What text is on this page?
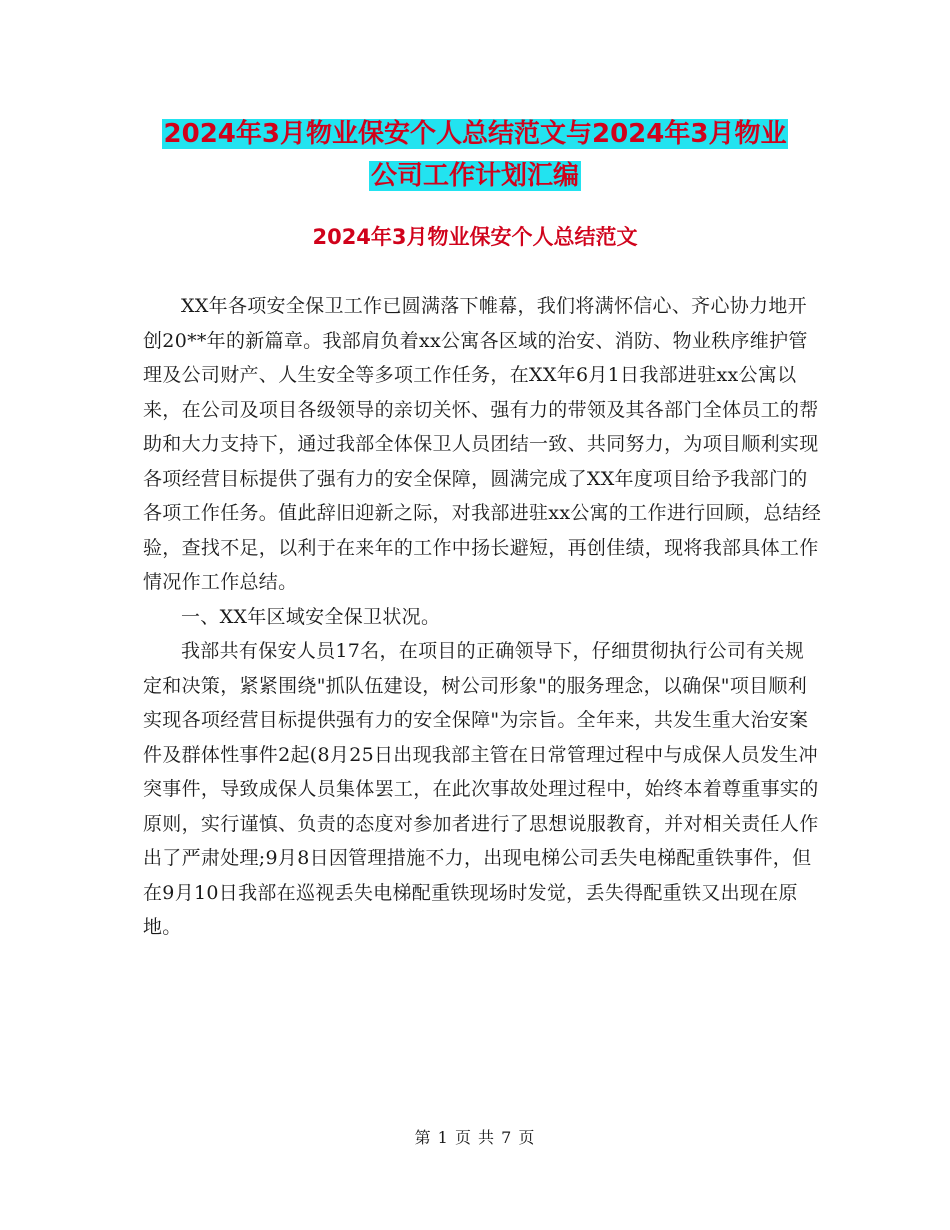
2024年3月物业保安个人总结范文与2024年3月物业
公司工作计划汇编
2024年3月物业保安个人总结范文

XX年各项安全保卫工作已圆满落下帷幕，我们将满怀信心、齐心协力地开创20**年的新篇章。我部肩负着xx公寓各区域的治安、消防、物业秩序维护管理及公司财产、人生安全等多项工作任务，在XX年6月1日我部进驻xx公寓以来，在公司及项目各级领导的亲切关怀、强有力的带领及其各部门全体员工的帮助和大力支持下，通过我部全体保卫人员团结一致、共同努力，为项目顺利实现各项经营目标提供了强有力的安全保障，圆满完成了XX年度项目给予我部门的各项工作任务。值此辞旧迎新之际，对我部进驻xx公寓的工作进行回顾，总结经验，查找不足，以利于在来年的工作中扬长避短，再创佳绩，现将我部具体工作情况作工作总结。

一、XX年区域安全保卫状况。

我部共有保安人员17名，在项目的正确领导下，仔细贯彻执行公司有关规定和决策，紧紧围绕"抓队伍建设，树公司形象"的服务理念，以确保"项目顺利实现各项经营目标提供强有力的安全保障"为宗旨。全年来，共发生重大治安案件及群体性事件2起(8月25日出现我部主管在日常管理过程中与成保人员发生冲突事件，导致成保人员集体罢工，在此次事故处理过程中，始终本着尊重事实的原则，实行谨慎、负责的态度对参加者进行了思想说服教育，并对相关责任人作出了严肃处理;9月8日因管理措施不力，出现电梯公司丢失电梯配重铁事件，但在9月10日我部在巡视丢失电梯配重铁现场时发觉，丢失得配重铁又出现在原地。

第 1 页 共 7 页
